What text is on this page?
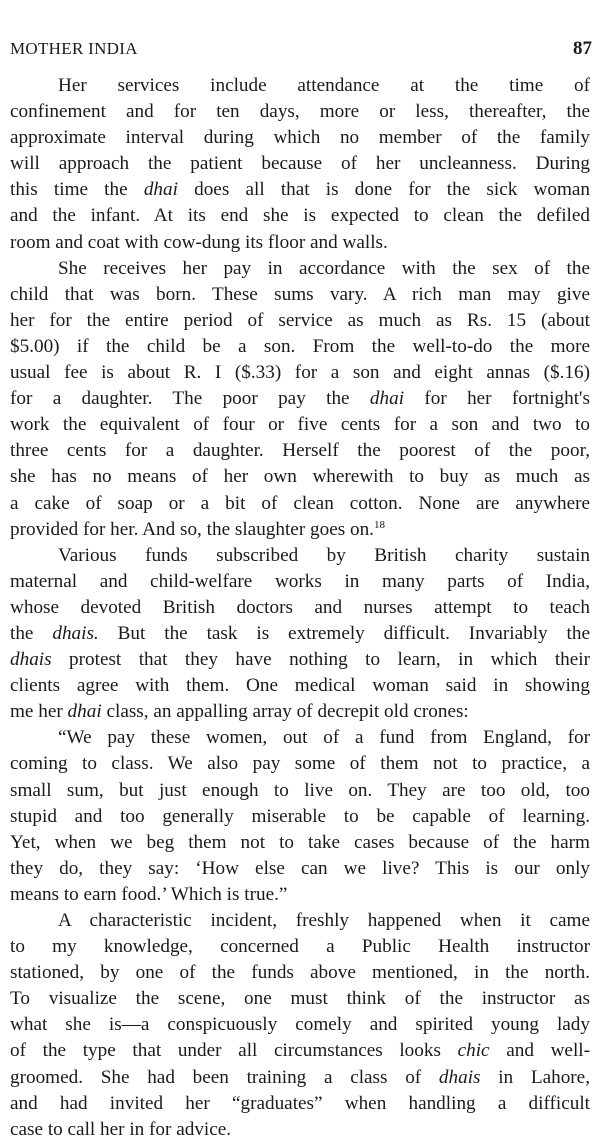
MOTHER INDIA	87

Her services include attendance at the time of
confinement and for ten days, more or less, thereafter, the
approximate interval during which no member of the family
will approach the patient because of her uncleanness. During
this time the dhai does all that is done for the sick woman
and the infant. At its end she is expected to clean the defiled
room and coat with cow-dung its floor and walls.

She receives her pay in accordance with the sex of the
child that was born. These sums vary. A rich man may give
her for the entire period of service as much as Rs. 15 (about
$5.00) if the child be a son. From the well-to-do the more
usual fee is about R. I ($.33) for a son and eight annas ($.16)
for a daughter. The poor pay the dhai for her fortnight's
work the equivalent of four or five cents for a son and two to
three cents for a daughter. Herself the poorest of the poor,
she has no means of her own wherewith to buy as much as
a cake of soap or a bit of clean cotton. None are anywhere
provided for her. And so, the slaughter goes on.$^{18}$

Various funds subscribed by British charity sustain
maternal and child-welfare works in many parts of India,
whose devoted British doctors and nurses attempt to teach
the dhais. But the task is extremely difficult. Invariably the
dhais protest that they have nothing to learn, in which their
clients agree with them. One medical woman said in showing
me her dhai class, an appalling array of decrepit old crones:

“We pay these women, out of a fund from England, for
coming to class. We also pay some of them not to practice, a
small sum, but just enough to live on. They are too old, too
stupid and too generally miserable to be capable of learning.
Yet, when we beg them not to take cases because of the harm
they do, they say: ‘How else can we live? This is our only
means to earn food.’ Which is true.”

A characteristic incident, freshly happened when it came
to my knowledge, concerned a Public Health instructor
stationed, by one of the funds above mentioned, in the north.
To visualize the scene, one must think of the instructor as
what she is—a conspicuously comely and spirited young lady
of the type that under all circumstances looks chic and well-
groomed. She had been training a class of dhais in Lahore,
and had invited her “graduates” when handling a difficult
case to call her in for advice.
